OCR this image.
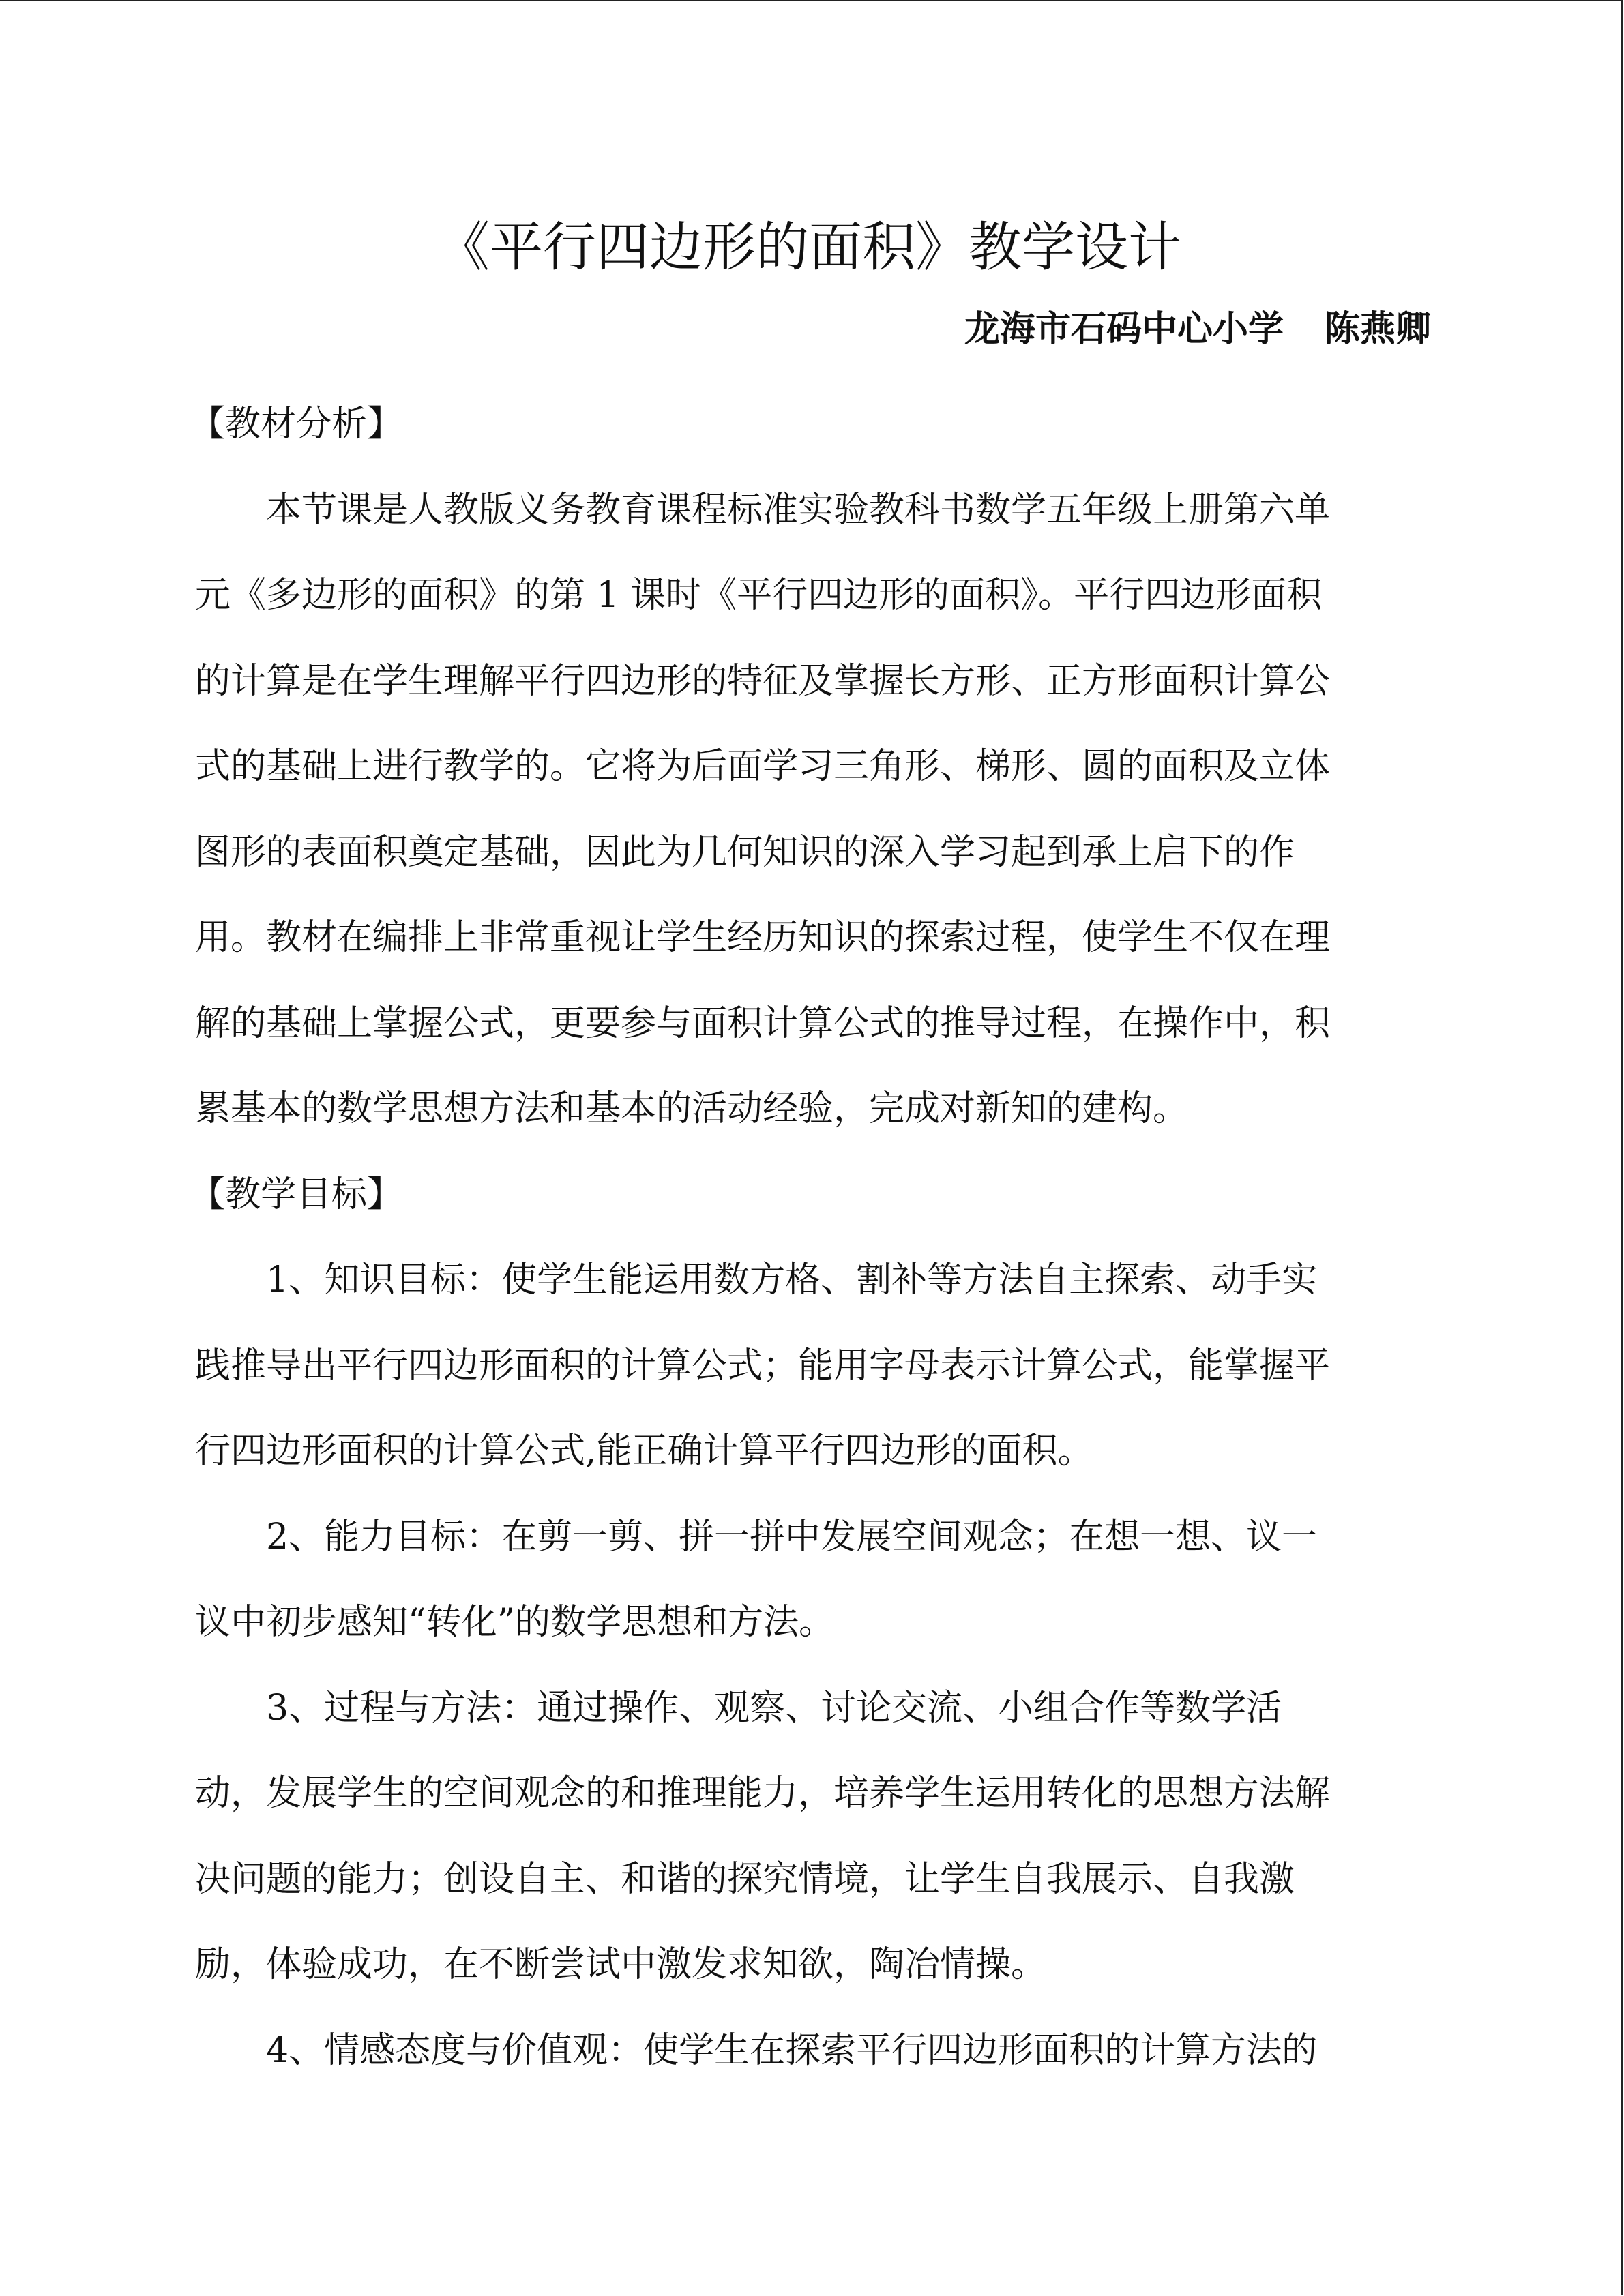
《平行四边形的面积》教学设计
龙海市石码中心小学 陈燕卿
【教材分析】
本节课是人教版义务教育课程标准实验教科书数学五年级上册第六单
元《多边形的面积》的第 1 课时《平行四边形的面积》。平行四边形面积
的计算是在学生理解平行四边形的特征及掌握长方形、正方形面积计算公
式的基础上进行教学的。它将为后面学习三角形、梯形、圆的面积及立体
图形的表面积奠定基础，因此为几何知识的深入学习起到承上启下的作
用。教材在编排上非常重视让学生经历知识的探索过程，使学生不仅在理
解的基础上掌握公式，更要参与面积计算公式的推导过程，在操作中，积
累基本的数学思想方法和基本的活动经验，完成对新知的建构。
【教学目标】
1、知识目标：使学生能运用数方格、割补等方法自主探索、动手实
践推导出平行四边形面积的计算公式；能用字母表示计算公式，能掌握平
行四边形面积的计算公式,能正确计算平行四边形的面积。
2、能力目标：在剪一剪、拼一拼中发展空间观念；在想一想、议一
议中初步感知“转化”的数学思想和方法。
3、过程与方法：通过操作、观察、讨论交流、小组合作等数学活
动，发展学生的空间观念的和推理能力，培养学生运用转化的思想方法解
决问题的能力；创设自主、和谐的探究情境，让学生自我展示、自我激
励，体验成功，在不断尝试中激发求知欲，陶冶情操。
4、情感态度与价值观：使学生在探索平行四边形面积的计算方法的
